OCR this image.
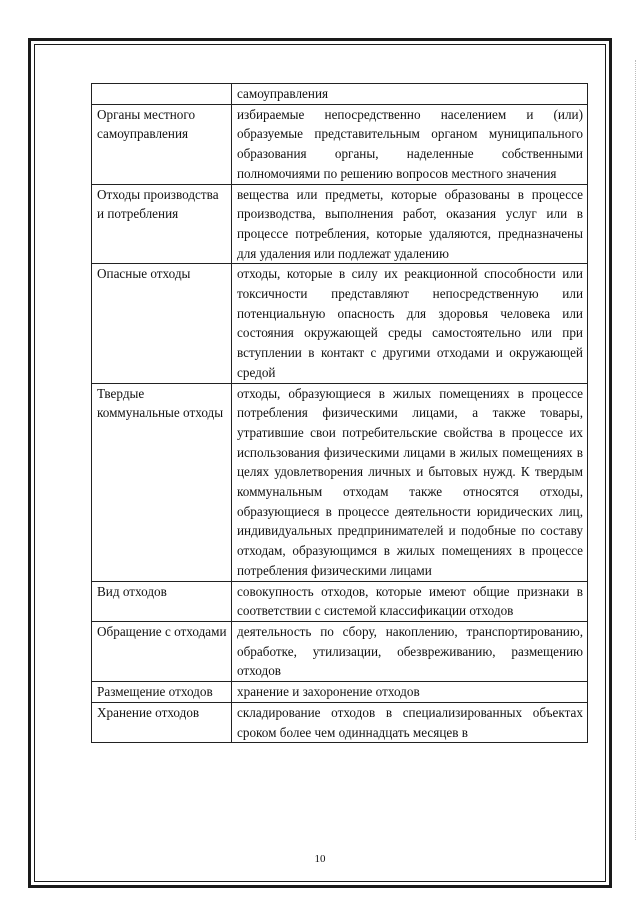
	самоуправления
Органы местного самоуправления	избирaемые непосредственно населением и (или) образуемые представительным органом муниципального образования органы, наделенные собственными полномочиями по решению вопросов местного значения
Отходы производства и потребления	вещества или предметы, которые образованы в процессе производства, выполнения работ, оказания услуг или в процессе потребления, которые удаляются, предназначены для удаления или подлежат удалению
Опасные отходы	отходы, которые в силу их реакционной способности или токсичности представляют непосредственную или потенциальную опасность для здоровья человека или состояния окружающей среды самостоятельно или при вступлении в контакт с другими отходами и окружающей средой
Твердые коммунальные отходы	отходы, образующиеся в жилых помещениях в процессе потребления физическими лицами, а также товары, утратившие свои потребительские свойства в процессе их использования физическими лицами в жилых помещениях в целях удовлетворения личных и бытовых нужд. К твердым коммунальным отходам также относятся отходы, образующиеся в процессе деятельности юридических лиц, индивидуальных предпринимателей и подобные по составу отходам, образующимся в жилых помещениях в процессе потребления физическими лицами
Вид отходов	совокупность отходов, которые имеют общие признаки в соответствии с системой классификации отходов
Обращение с отходами	деятельность по сбору, накоплению, транспортированию, обработке, утилизации, обезвреживанию, размещению отходов
Размещение отходов	хранение и захоронение отходов
Хранение отходов	складирование отходов в специализированных объектах сроком более чем одиннадцать месяцев в
10
